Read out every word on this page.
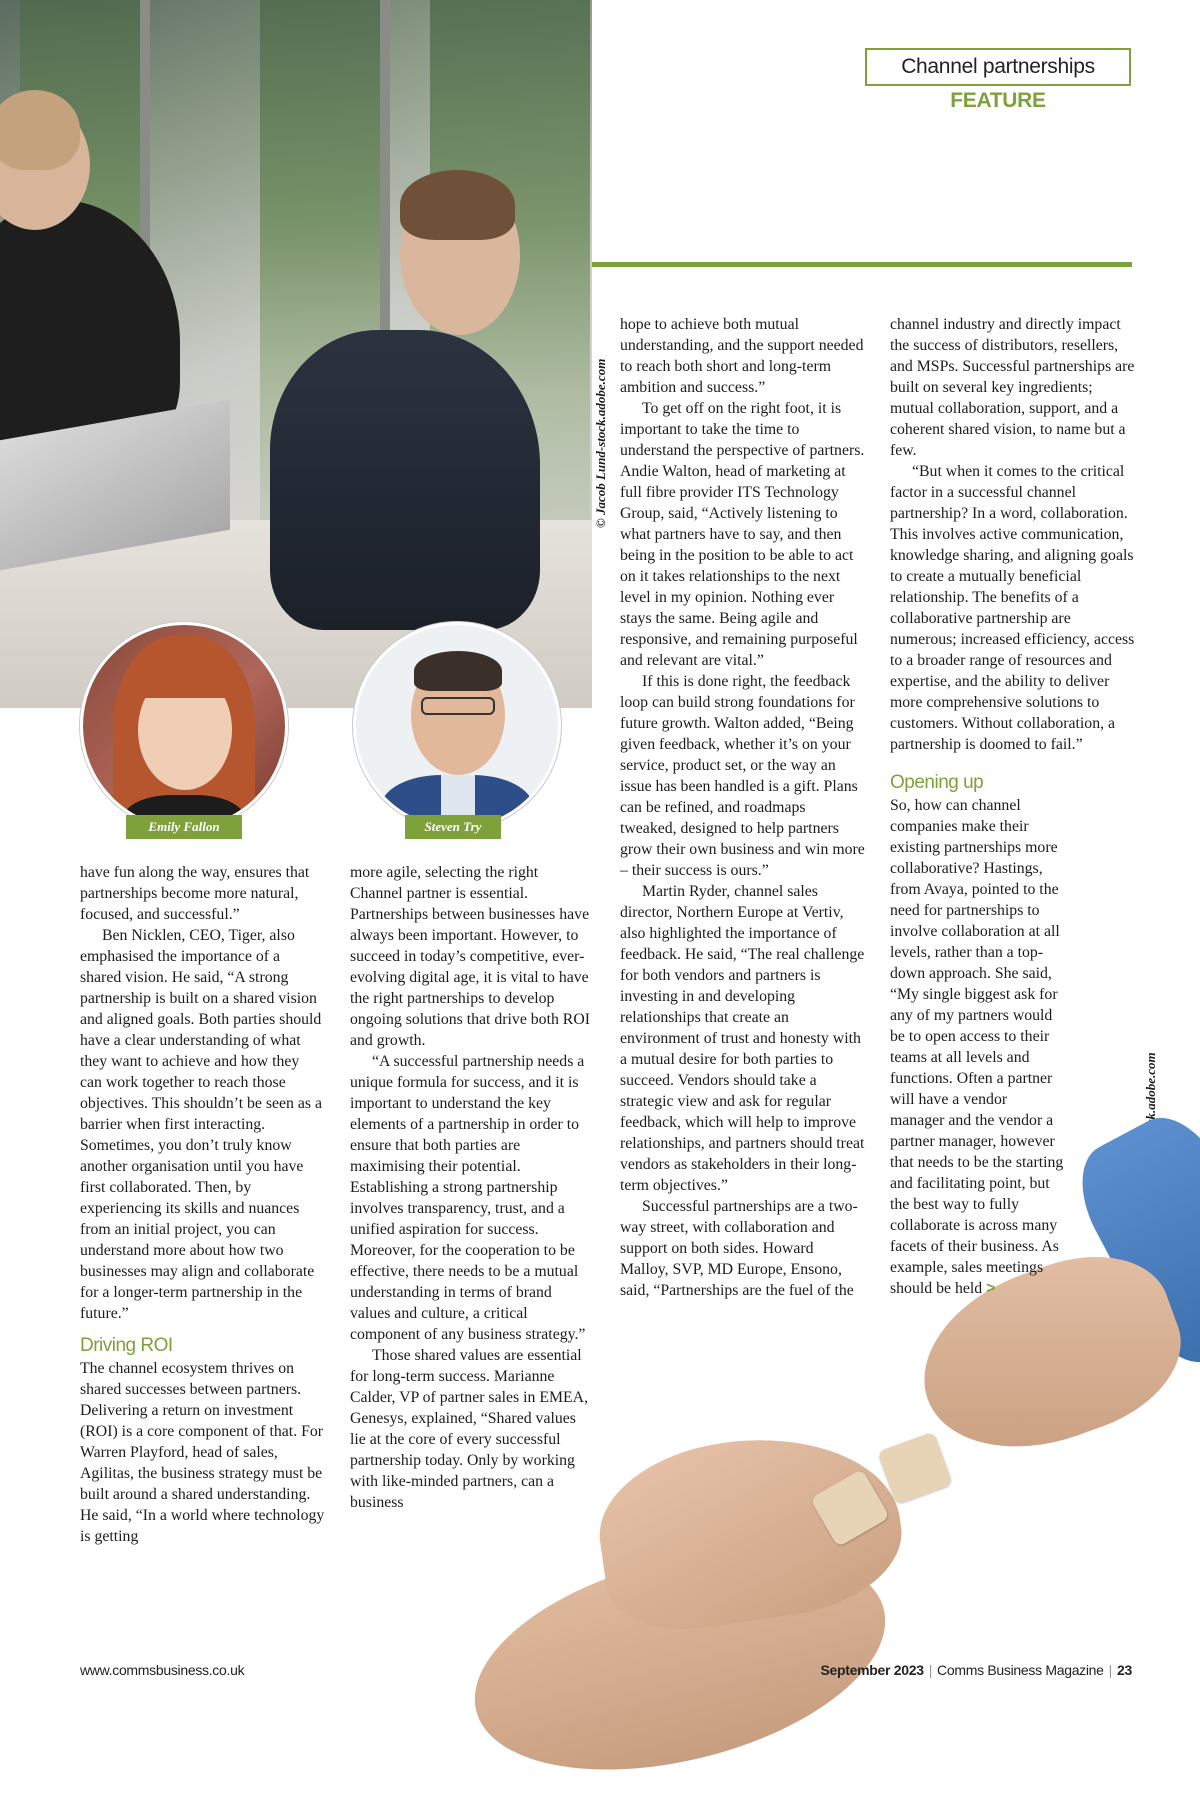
Emily Fallon	Steven Try
Channel partnerships FEATURE
© Jacob Lund-stock.adobe.com

have fun along the way, ensures that partnerships become more natural, focused, and successful.”

Ben Nicklen, CEO, Tiger, also emphasised the importance of a shared vision. He said, “A strong partnership is built on a shared vision and aligned goals. Both parties should have a clear understanding of what they want to achieve and how they can work together to reach those objectives. This shouldn’t be seen as a barrier when first interacting. Sometimes, you don’t truly know another organisation until you have first collaborated. Then, by experiencing its skills and nuances from an initial project, you can understand more about how two businesses may align and collaborate for a longer-term partnership in the future.”

Driving ROI

The channel ecosystem thrives on shared successes between partners. Delivering a return on investment (ROI) is a core component of that. For Warren Playford, head of sales, Agilitas, the business strategy must be built around a shared understanding. He said, “In a world where technology is getting

more agile, selecting the right Channel partner is essential. Partnerships between businesses have always been important. However, to succeed in today’s competitive, ever-evolving digital age, it is vital to have the right partnerships to develop ongoing solutions that drive both ROI and growth.

“A successful partnership needs a unique formula for success, and it is important to understand the key elements of a partnership in order to ensure that both parties are maximising their potential. Establishing a strong partnership involves transparency, trust, and a unified aspiration for success. Moreover, for the cooperation to be effective, there needs to be a mutual understanding in terms of brand values and culture, a critical component of any business strategy.”

Those shared values are essential for long-term success. Marianne Calder, VP of partner sales in EMEA, Genesys, explained, “Shared values lie at the core of every successful partnership today. Only by working with like-minded partners, can a business

hope to achieve both mutual understanding, and the support needed to reach both short and long-term ambition and success.”

To get off on the right foot, it is important to take the time to understand the perspective of partners. Andie Walton, head of marketing at full fibre provider ITS Technology Group, said, “Actively listening to what partners have to say, and then being in the position to be able to act on it takes relationships to the next level in my opinion. Nothing ever stays the same. Being agile and responsive, and remaining purposeful and relevant are vital.”

If this is done right, the feedback loop can build strong foundations for future growth. Walton added, “Being given feedback, whether it’s on your service, product set, or the way an issue has been handled is a gift. Plans can be refined, and roadmaps tweaked, designed to help partners grow their own business and win more – their success is ours.”

Martin Ryder, channel sales director, Northern Europe at Vertiv, also highlighted the importance of feedback. He said, “The real challenge for both vendors and partners is investing in and developing relationships that create an environment of trust and honesty with a mutual desire for both parties to succeed. Vendors should take a strategic view and ask for regular feedback, which will help to improve relationships, and partners should treat vendors as stakeholders in their long-term objectives.”

Successful partnerships are a two-way street, with collaboration and support on both sides. Howard Malloy, SVP, MD Europe, Ensono, said, “Partnerships are the fuel of the

channel industry and directly impact the success of distributors, resellers, and MSPs. Successful partnerships are built on several key ingredients; mutual collaboration, support, and a coherent shared vision, to name but a few.

“But when it comes to the critical factor in a successful channel partnership? In a word, collaboration. This involves active communication, knowledge sharing, and aligning goals to create a mutually beneficial relationship. The benefits of a collaborative partnership are numerous; increased efficiency, access to a broader range of resources and expertise, and the ability to deliver more comprehensive solutions to customers. Without collaboration, a partnership is doomed to fail.”

Opening up

So, how can channel companies make their existing partnerships more collaborative? Hastings, from Avaya, pointed to the need for partnerships to involve collaboration at all levels, rather than a top-down approach. She said, “My single biggest ask for any of my partners would be to open access to their teams at all levels and functions. Often a partner will have a vendor manager and the vendor a partner manager, however that needs to be the starting and facilitating point, but the best way to fully collaborate is across many facets of their business. As example, sales meetings should be held >

www.commsbusiness.co.uk	September 2023 | Comms Business Magazine | 23
